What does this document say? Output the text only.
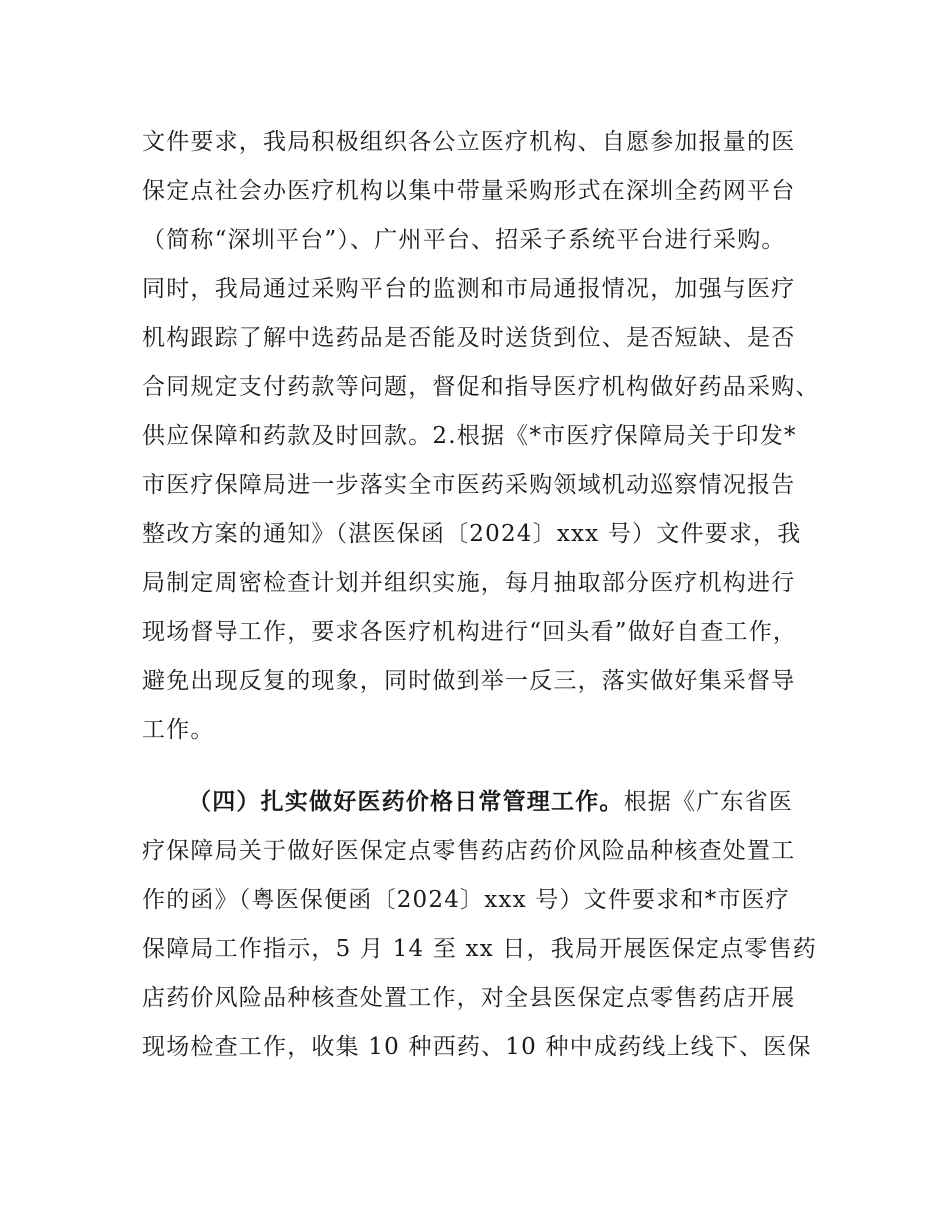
文件要求，我局积极组织各公立医疗机构、自愿参加报量的医
保定点社会办医疗机构以集中带量采购形式在深圳全药网平台
（简称“深圳平台”）、广州平台、招采子系统平台进行采购。
同时，我局通过采购平台的监测和市局通报情况，加强与医疗
机构跟踪了解中选药品是否能及时送货到位、是否短缺、是否
合同规定支付药款等问题，督促和指导医疗机构做好药品采购、
供应保障和药款及时回款。2.根据《*市医疗保障局关于印发*
市医疗保障局进一步落实全市医药采购领域机动巡察情况报告
整改方案的通知》（湛医保函〔2024〕xxx 号）文件要求，我
局制定周密检查计划并组织实施，每月抽取部分医疗机构进行
现场督导工作，要求各医疗机构进行“回头看”做好自查工作，
避免出现反复的现象，同时做到举一反三，落实做好集采督导
工作。
（四）扎实做好医药价格日常管理工作。根据《广东省医
疗保障局关于做好医保定点零售药店药价风险品种核查处置工
作的函》（粤医保便函〔2024〕xxx 号）文件要求和*市医疗
保障局工作指示，5 月 14 至 xx 日，我局开展医保定点零售药
店药价风险品种核查处置工作，对全县医保定点零售药店开展
现场检查工作，收集 10 种西药、10 种中成药线上线下、医保
